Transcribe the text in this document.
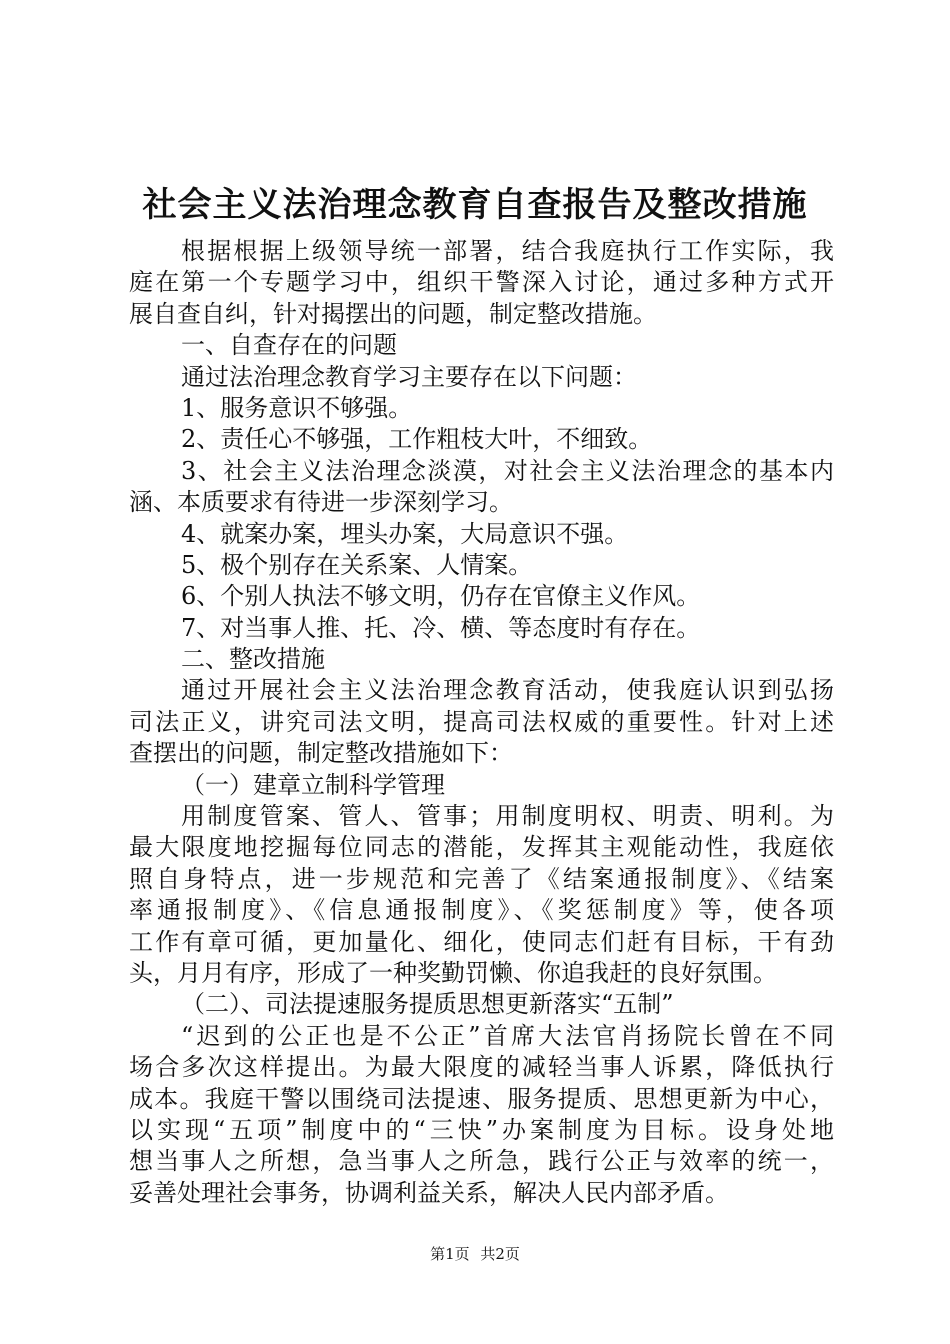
社会主义法治理念教育自查报告及整改措施
根据根据上级领导统一部署，结合我庭执行工作实际，我
庭在第一个专题学习中，组织干警深入讨论，通过多种方式开
展自查自纠，针对揭摆出的问题，制定整改措施。
一、自查存在的问题
通过法治理念教育学习主要存在以下问题：
1、服务意识不够强。
2、责任心不够强，工作粗枝大叶，不细致。
3、社会主义法治理念淡漠，对社会主义法治理念的基本内
涵、本质要求有待进一步深刻学习。
4、就案办案，埋头办案，大局意识不强。
5、极个别存在关系案、人情案。
6、个别人执法不够文明，仍存在官僚主义作风。
7、对当事人推、托、冷、横、等态度时有存在。
二、整改措施
通过开展社会主义法治理念教育活动，使我庭认识到弘扬
司法正义，讲究司法文明，提高司法权威的重要性。针对上述
查摆出的问题，制定整改措施如下：
（一）建章立制科学管理
用制度管案、管人、管事；用制度明权、明责、明利。为
最大限度地挖掘每位同志的潜能，发挥其主观能动性，我庭依
照自身特点，进一步规范和完善了《结案通报制度》、《结案
率通报制度》、《信息通报制度》、《奖惩制度》等，使各项
工作有章可循，更加量化、细化，使同志们赶有目标，干有劲
头，月月有序，形成了一种奖勤罚懒、你追我赶的良好氛围。
（二）、司法提速服务提质思想更新落实“五制”
“迟到的公正也是不公正”首席大法官肖扬院长曾在不同
场合多次这样提出。为最大限度的减轻当事人诉累，降低执行
成本。我庭干警以围绕司法提速、服务提质、思想更新为中心，
以实现“五项”制度中的“三快”办案制度为目标。设身处地
想当事人之所想，急当事人之所急，践行公正与效率的统一，
妥善处理社会事务，协调利益关系，解决人民内部矛盾。
第1页 共2页
